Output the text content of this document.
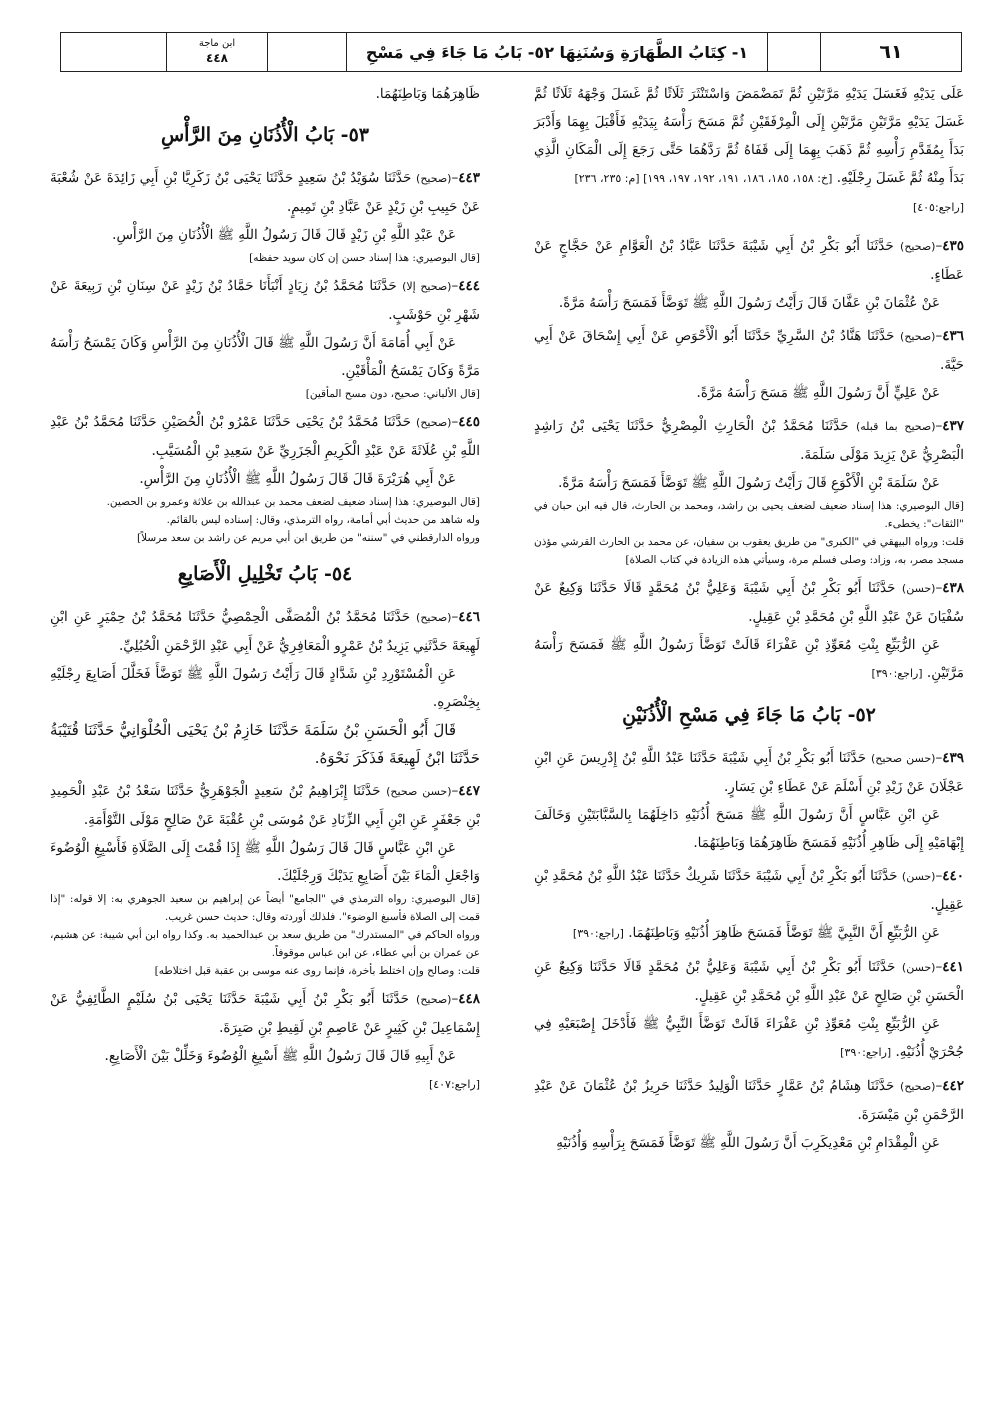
٦١
١- كِتَابُ الطَّهَارَةِ وَسُنَنِهَا ٥٢- بَابُ مَا جَاءَ فِي مَسْحِ
ابن ماجة
٤٤٨

عَلَى يَدَيْهِ فَغَسَلَ يَدَيْهِ مَرَّتَيْنِ ثُمَّ تَمَضْمَضَ وَاسْتَنْثَرَ ثَلَاثًا ثُمَّ غَسَلَ وَجْهَهُ ثَلَاثًا ثُمَّ غَسَلَ يَدَيْهِ مَرَّتَيْنِ مَرَّتَيْنِ إِلَى الْمِرْفَقَيْنِ ثُمَّ مَسَحَ رَأْسَهُ بِيَدَيْهِ فَأَقْبَلَ بِهِمَا وَأَدْبَرَ بَدَأَ بِمُقَدَّمِ رَأْسِهِ ثُمَّ ذَهَبَ بِهِمَا إِلَى قَفَاهُ ثُمَّ رَدَّهُمَا حَتَّى رَجَعَ إِلَى الْمَكَانِ الَّذِي بَدَأَ مِنْهُ ثُمَّ غَسَلَ رِجْلَيْهِ. [خ: ١٥٨، ١٨٥، ١٨٦، ١٩١، ١٩٢، ١٩٧، ١٩٩] [م: ٢٣٥، ٢٣٦]

[راجع:٤٠٥]

٤٣٥–(صحيح) حَدَّثَنَا أَبُو بَكْرِ بْنُ أَبِي شَيْبَةَ حَدَّثَنَا عَبَّادُ بْنُ الْعَوَّامِ عَنْ حَجَّاجٍ عَنْ عَطَاءٍ.

عَنْ عُثْمَانَ بْنِ عَفَّانَ قَالَ رَأَيْتُ رَسُولَ اللَّهِ ﷺ تَوَضَّأَ فَمَسَحَ رَأْسَهُ مَرَّةً.

٤٣٦–(صحيح) حَدَّثَنَا هَنَّادُ بْنُ السَّرِيِّ حَدَّثَنَا أَبُو الْأَحْوَصِ عَنْ أَبِي إِسْحَاقَ عَنْ أَبِي حَيَّةَ.

عَنْ عَلِيٍّ أَنَّ رَسُولَ اللَّهِ ﷺ مَسَحَ رَأْسَهُ مَرَّةً.

٤٣٧–(صحيح بما قبله) حَدَّثَنَا مُحَمَّدُ بْنُ الْحَارِثِ الْمِصْرِيُّ حَدَّثَنَا يَحْيَى بْنُ رَاشِدٍ الْبَصْرِيُّ عَنْ يَزِيدَ مَوْلَى سَلَمَةَ.

عَنْ سَلَمَةَ بْنِ الْأَكْوَعِ قَالَ رَأَيْتُ رَسُولَ اللَّهِ ﷺ تَوَضَّأَ فَمَسَحَ رَأْسَهُ مَرَّةً.

[قال البوصيري: هذا إسناد ضعيف لضعف يحيى بن راشد، ومحمد بن الحارث، قال فيه ابن حبان في "الثقات": يخطىء.

قلت: ورواه البيهقي في "الكبرى" من طريق يعقوب بن سفيان، عن محمد بن الحارث القرشي مؤذن مسجد مصر، به، وزاد: وصلى فسلم مرة، وسيأتي هذه الزيادة في كتاب الصلاة]

٤٣٨–(حسن) حَدَّثَنَا أَبُو بَكْرِ بْنُ أَبِي شَيْبَةَ وَعَلِيُّ بْنُ مُحَمَّدٍ قَالَا حَدَّثَنَا وَكِيعٌ عَنْ سُفْيَانَ عَنْ عَبْدِ اللَّهِ بْنِ مُحَمَّدِ بْنِ عَقِيلٍ.

عَنِ الرُّبَيِّعِ بِنْتِ مُعَوِّذِ بْنِ عَفْرَاءَ قَالَتْ تَوَضَّأَ رَسُولُ اللَّهِ ﷺ فَمَسَحَ رَأْسَهُ مَرَّتَيْنِ. [راجع:٣٩٠]

٥٢- بَابُ مَا جَاءَ فِي مَسْحِ الْأُذُنَيْنِ

٤٣٩–(حسن صحيح) حَدَّثَنَا أَبُو بَكْرِ بْنُ أَبِي شَيْبَةَ حَدَّثَنَا عَبْدُ اللَّهِ بْنُ إِدْرِيسَ عَنِ ابْنِ عَجْلَانَ عَنْ زَيْدِ بْنِ أَسْلَمَ عَنْ عَطَاءِ بْنِ يَسَارٍ.

عَنِ ابْنِ عَبَّاسٍ أَنَّ رَسُولَ اللَّهِ ﷺ مَسَحَ أُذُنَيْهِ دَاخِلَهُمَا بِالسَّبَّابَتَيْنِ وَخَالَفَ إِبْهَامَيْهِ إِلَى ظَاهِرِ أُذُنَيْهِ فَمَسَحَ ظَاهِرَهُمَا وَبَاطِنَهُمَا.

٤٤٠–(حسن) حَدَّثَنَا أَبُو بَكْرِ بْنُ أَبِي شَيْبَةَ حَدَّثَنَا شَرِيكٌ حَدَّثَنَا عَبْدُ اللَّهِ بْنُ مُحَمَّدِ بْنِ عَقِيلٍ.

عَنِ الرُّبَيِّعِ أَنَّ النَّبِيَّ ﷺ تَوَضَّأَ فَمَسَحَ ظَاهِرَ أُذُنَيْهِ وَبَاطِنَهُمَا. [راجع:٣٩٠]

٤٤١–(حسن) حَدَّثَنَا أَبُو بَكْرِ بْنُ أَبِي شَيْبَةَ وَعَلِيُّ بْنُ مُحَمَّدٍ قَالَا حَدَّثَنَا وَكِيعٌ عَنِ الْحَسَنِ بْنِ صَالِحٍ عَنْ عَبْدِ اللَّهِ بْنِ مُحَمَّدِ بْنِ عَقِيلٍ.

عَنِ الرُّبَيِّعِ بِنْتِ مُعَوِّذِ بْنِ عَفْرَاءَ قَالَتْ تَوَضَّأَ النَّبِيُّ ﷺ فَأَدْخَلَ إِصْبَعَيْهِ فِي جُحْرَيْ أُذُنَيْهِ. [راجع:٣٩٠]

٤٤٢–(صحيح) حَدَّثَنَا هِشَامُ بْنُ عَمَّارٍ حَدَّثَنَا الْوَلِيدُ حَدَّثَنَا حَرِيزُ بْنُ عُثْمَانَ عَنْ عَبْدِ الرَّحْمَنِ بْنِ مَيْسَرَةَ.

عَنِ الْمِقْدَامِ بْنِ مَعْدِيكَرِبَ أَنَّ رَسُولَ اللَّهِ ﷺ تَوَضَّأَ فَمَسَحَ بِرَأْسِهِ وَأُذُنَيْهِ

ظَاهِرَهُمَا وَبَاطِنَهُمَا.

٥٣- بَابُ الْأُذُنَانِ مِنَ الرَّأْسِ

٤٤٣–(صحيح) حَدَّثَنَا سُوَيْدُ بْنُ سَعِيدٍ حَدَّثَنَا يَحْيَى بْنُ زَكَرِيَّا بْنِ أَبِي زَائِدَةَ عَنْ شُعْبَةَ عَنْ حَبِيبِ بْنِ زَيْدٍ عَنْ عَبَّادِ بْنِ تَمِيمٍ.

عَنْ عَبْدِ اللَّهِ بْنِ زَيْدٍ قَالَ قَالَ رَسُولُ اللَّهِ ﷺ الْأُذُنَانِ مِنَ الرَّأْسِ.

[قال البوصيري: هذا إسناد حسن إن كان سويد حفظه]

٤٤٤–(صحيح إلا) حَدَّثَنَا مُحَمَّدُ بْنُ زِيَادٍ أَنْبَأَنَا حَمَّادُ بْنُ زَيْدٍ عَنْ سِنَانِ بْنِ رَبِيعَةَ عَنْ شَهْرِ بْنِ حَوْشَبٍ.

عَنْ أَبِي أُمَامَةَ أَنَّ رَسُولَ اللَّهِ ﷺ قَالَ الْأُذُنَانِ مِنَ الرَّأْسِ وَكَانَ يَمْسَحُ رَأْسَهُ مَرَّةً وَكَانَ يَمْسَحُ الْمَأْقَيْنِ.

[قال الألباني: صحيح، دون مسح المأقين]

٤٤٥–(صحيح) حَدَّثَنَا مُحَمَّدُ بْنُ يَحْيَى حَدَّثَنَا عَمْرُو بْنُ الْحُصَيْنِ حَدَّثَنَا مُحَمَّدُ بْنُ عَبْدِ اللَّهِ بْنِ عُلَاثَةَ عَنْ عَبْدِ الْكَرِيمِ الْجَزَرِيِّ عَنْ سَعِيدِ بْنِ الْمُسَيَّبِ.

عَنْ أَبِي هُرَيْرَةَ قَالَ قَالَ رَسُولُ اللَّهِ ﷺ الْأُذُنَانِ مِنَ الرَّأْسِ.

[قال البوصيري: هذا إسناد ضعيف لضعف محمد بن عبدالله بن علاثة وعمرو بن الحصين.

وله شاهد من حديث أبي أمامة، رواه الترمذي، وقال: إسناده ليس بالقائم.

ورواه الدارقطني في "سننه" من طريق ابن أبي مريم عن راشد بن سعد مرسلاً]

٥٤- بَابُ تَخْلِيلِ الْأَصَابِعِ

٤٤٦–(صحيح) حَدَّثَنَا مُحَمَّدُ بْنُ الْمُصَفَّى الْحِمْصِيُّ حَدَّثَنَا مُحَمَّدُ بْنُ حِمْيَرٍ عَنِ ابْنِ لَهِيعَةَ حَدَّثَنِي يَزِيدُ بْنُ عَمْرٍو الْمَعَافِرِيُّ عَنْ أَبِي عَبْدِ الرَّحْمَنِ الْحُبُلِيِّ.

عَنِ الْمُسْتَوْرِدِ بْنِ شَدَّادٍ قَالَ رَأَيْتُ رَسُولَ اللَّهِ ﷺ تَوَضَّأَ فَخَلَّلَ أَصَابِعَ رِجْلَيْهِ بِخِنْصَرِهِ.

قَالَ أَبُو الْحَسَنِ بْنُ سَلَمَةَ حَدَّثَنَا خَازِمُ بْنُ يَحْيَى الْحُلْوَانِيُّ حَدَّثَنَا قُتَيْبَةُ حَدَّثَنَا ابْنُ لَهِيعَةَ فَذَكَرَ نَحْوَهُ.

٤٤٧–(حسن صحيح) حَدَّثَنَا إِبْرَاهِيمُ بْنُ سَعِيدٍ الْجَوْهَرِيُّ حَدَّثَنَا سَعْدُ بْنُ عَبْدِ الْحَمِيدِ بْنِ جَعْفَرٍ عَنِ ابْنِ أَبِي الزِّنَادِ عَنْ مُوسَى بْنِ عُقْبَةَ عَنْ صَالِحٍ مَوْلَى التَّوْأَمَةِ.

عَنِ ابْنِ عَبَّاسٍ قَالَ قَالَ رَسُولُ اللَّهِ ﷺ إِذَا قُمْتَ إِلَى الصَّلَاةِ فَأَسْبِغِ الْوُضُوءَ وَاجْعَلِ الْمَاءَ بَيْنَ أَصَابِعِ يَدَيْكَ وَرِجْلَيْكَ.

[قال البوصيري: رواه الترمذي في "الجامع" أيضاً عن إبراهيم بن سعيد الجوهري به: إلا قوله: "إذا قمت إلى الصلاة فأسبغ الوضوء". فلذلك أوردته وقال: حديث حسن غريب.

ورواه الحاكم في "المستدرك" من طريق سعد بن عبدالحميد به. وكذا رواه ابن أبي شيبة: عن هشيم، عن عمران بن أبي عطاء، عن ابن عباس موقوفاً.

قلت: وصالح وإن اختلط بأخرة، فإنما روى عنه موسى بن عقبة قبل اختلاطه]

٤٤٨–(صحيح) حَدَّثَنَا أَبُو بَكْرِ بْنُ أَبِي شَيْبَةَ حَدَّثَنَا يَحْيَى بْنُ سُلَيْمٍ الطَّائِفِيُّ عَنْ إِسْمَاعِيلَ بْنِ كَثِيرٍ عَنْ عَاصِمِ بْنِ لَقِيطِ بْنِ صَبِرَةَ.

عَنْ أَبِيهِ قَالَ قَالَ رَسُولُ اللَّهِ ﷺ أَسْبِغِ الْوُضُوءَ وَخَلِّلْ بَيْنَ الْأَصَابِعِ.

[راجع:٤٠٧]
